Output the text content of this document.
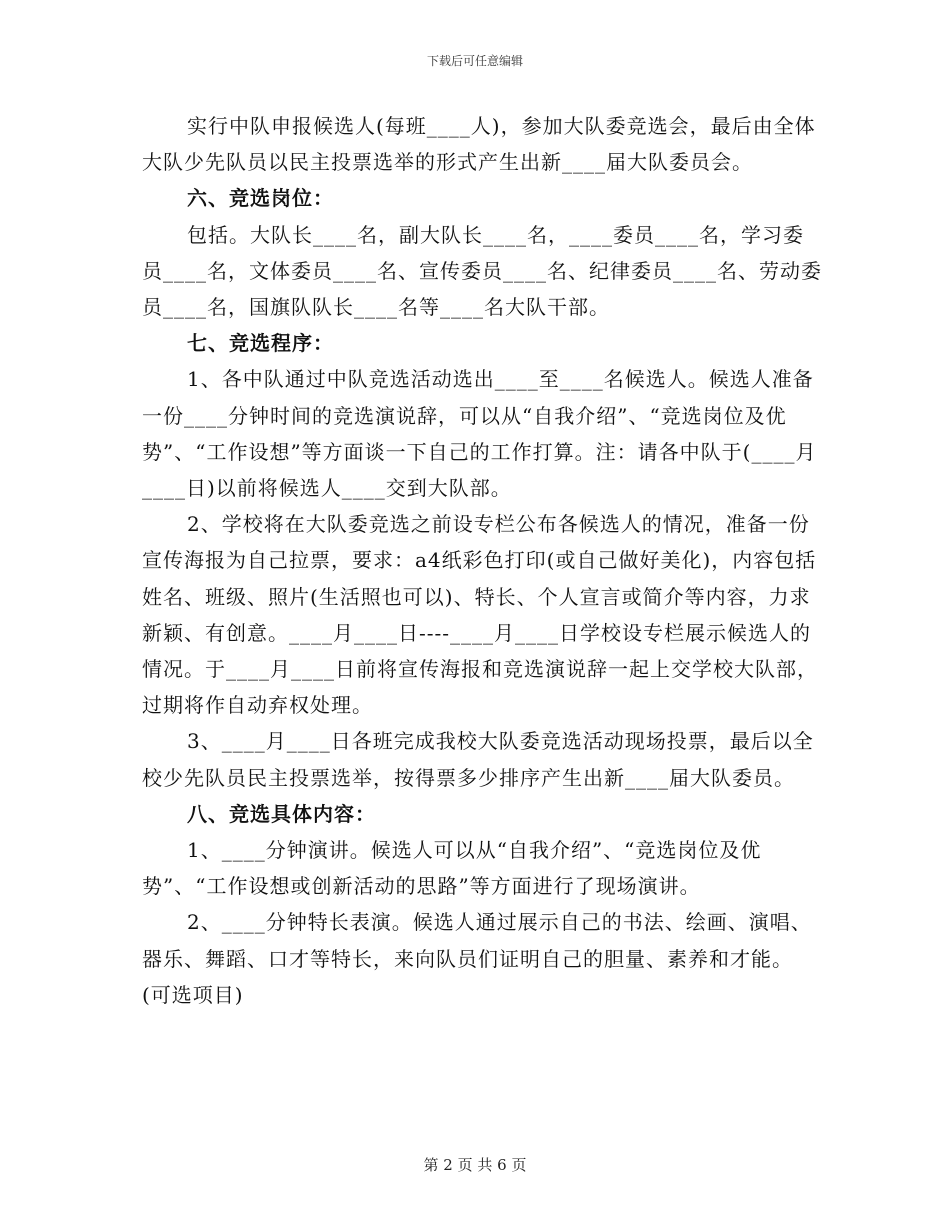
下载后可任意编辑

实行中队申报候选人(每班____人)，参加大队委竞选会，最后由全体大队少先队员以民主投票选举的形式产生出新____届大队委员会。

六、竞选岗位：

包括。大队长____名，副大队长____名，____委员____名，学习委员____名，文体委员____名、宣传委员____名、纪律委员____名、劳动委员____名，国旗队队长____名等____名大队干部。

七、竞选程序：

1、各中队通过中队竞选活动选出____至____名候选人。候选人准备一份____分钟时间的竞选演说辞，可以从“自我介绍”、“竞选岗位及优势”、“工作设想”等方面谈一下自己的工作打算。注：请各中队于(____月____日)以前将候选人____交到大队部。

2、学校将在大队委竞选之前设专栏公布各候选人的情况，准备一份宣传海报为自己拉票，要求：a4纸彩色打印(或自己做好美化)，内容包括姓名、班级、照片(生活照也可以)、特长、个人宣言或简介等内容，力求新颖、有创意。____月____日----____月____日学校设专栏展示候选人的情况。于____月____日前将宣传海报和竞选演说辞一起上交学校大队部，过期将作自动弃权处理。

3、____月____日各班完成我校大队委竞选活动现场投票，最后以全校少先队员民主投票选举，按得票多少排序产生出新____届大队委员。

八、竞选具体内容：

1、____分钟演讲。候选人可以从“自我介绍”、“竞选岗位及优势”、“工作设想或创新活动的思路”等方面进行了现场演讲。

2、____分钟特长表演。候选人通过展示自己的书法、绘画、演唱、器乐、舞蹈、口才等特长，来向队员们证明自己的胆量、素养和才能。(可选项目)

第 2 页 共 6 页
